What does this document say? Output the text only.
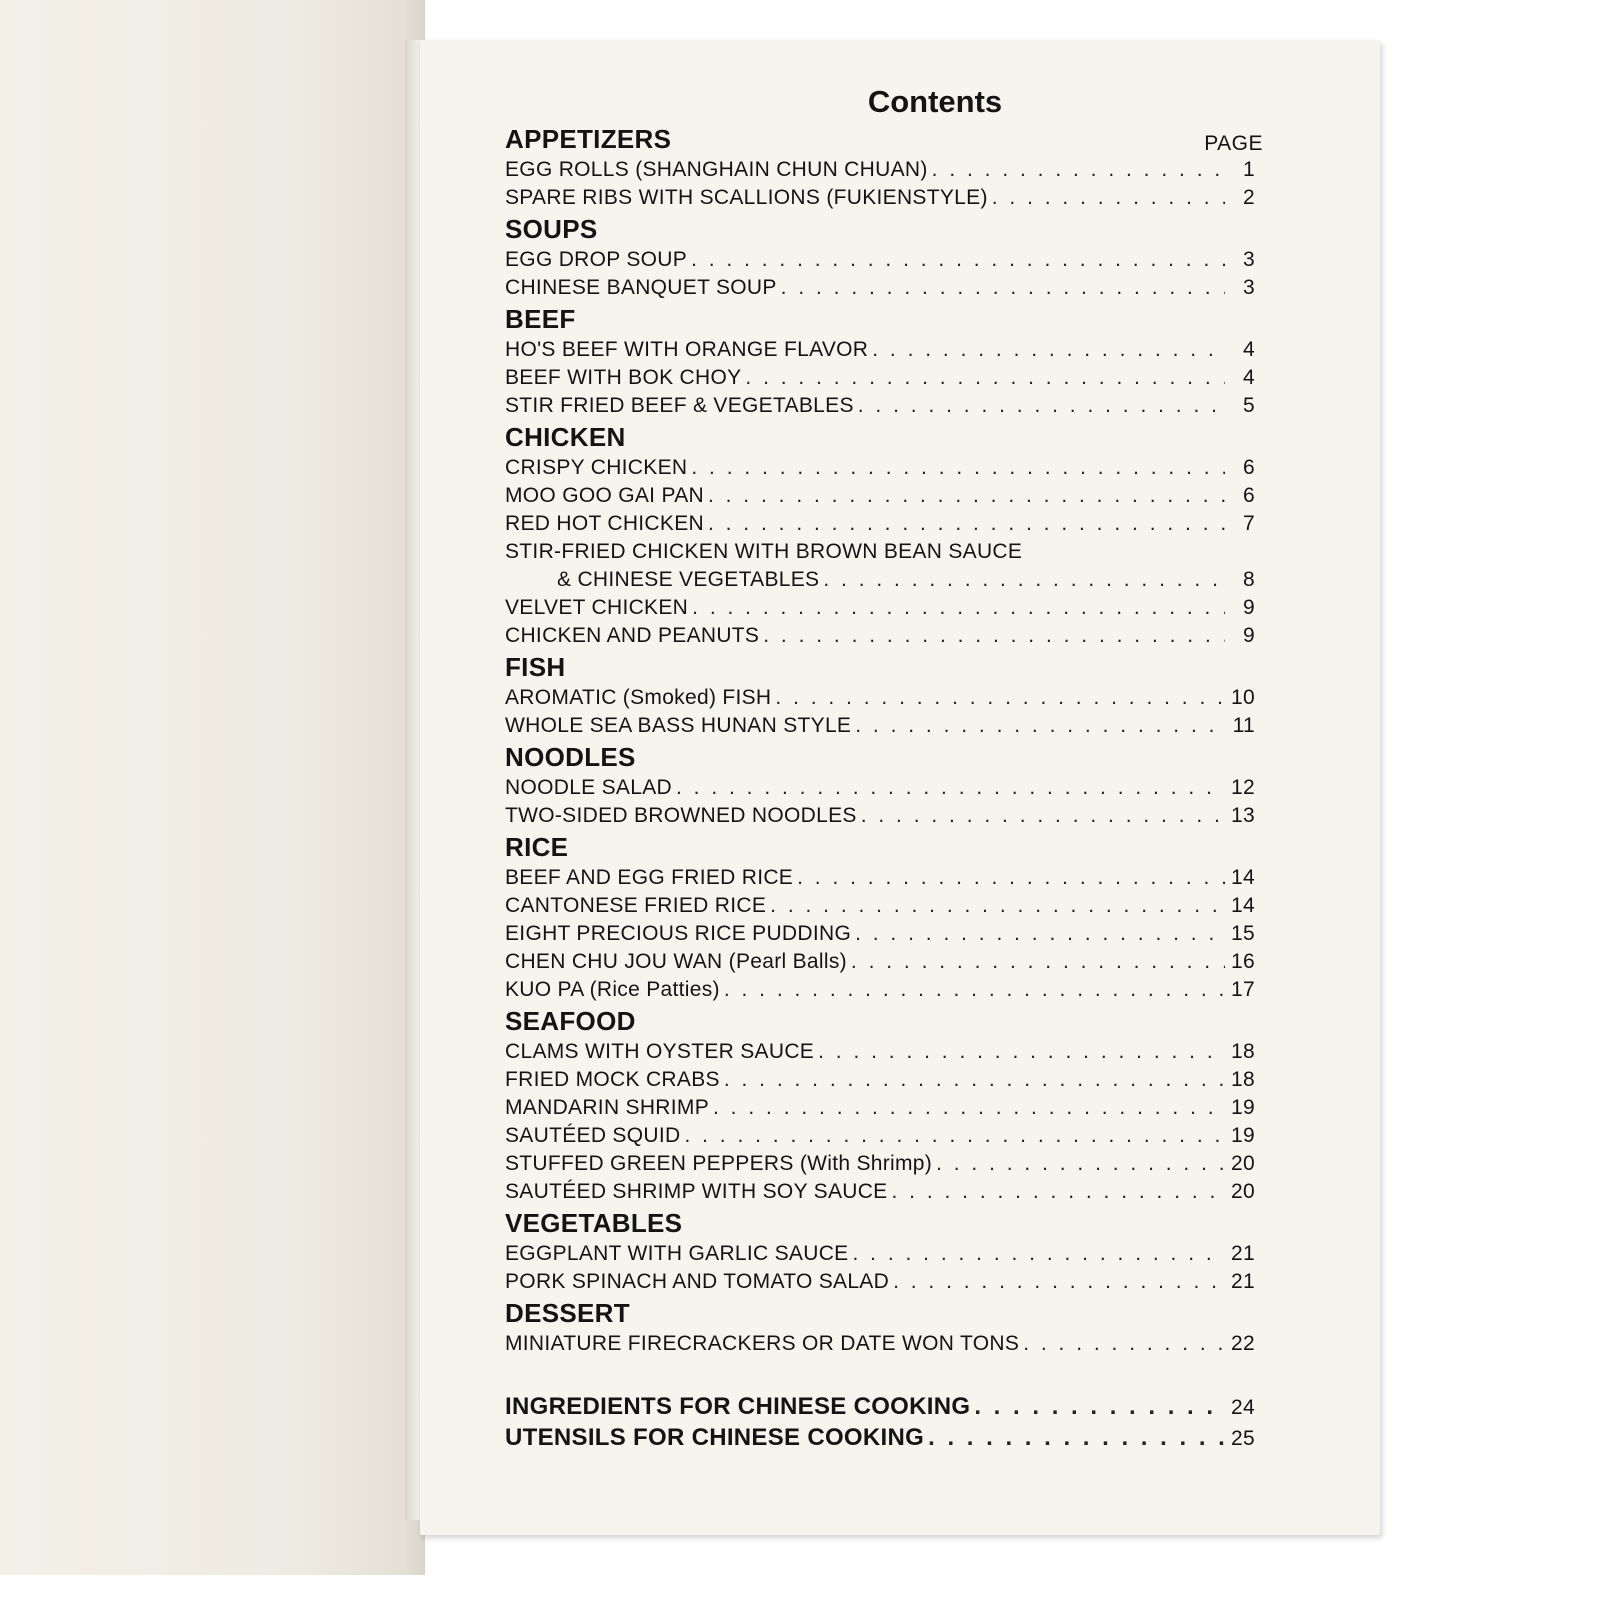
Contents
PAGE
APPETIZERS
EGG ROLLS (SHANGHAIN CHUN CHUAN) . . .	1
SPARE RIBS WITH SCALLIONS (FUKIENSTYLE) . . .	2
SOUPS
EGG DROP SOUP . . .	3
CHINESE BANQUET SOUP . . .	3
BEEF
HO'S BEEF WITH ORANGE FLAVOR . . .	4
BEEF WITH BOK CHOY . . .	4
STIR FRIED BEEF & VEGETABLES . . .	5
CHICKEN
CRISPY CHICKEN . . .	6
MOO GOO GAI PAN . . .	6
RED HOT CHICKEN . . .	7
STIR-FRIED CHICKEN WITH BROWN BEAN SAUCE
& CHINESE VEGETABLES . . .	8
VELVET CHICKEN . . .	9
CHICKEN AND PEANUTS . . .	9
FISH
AROMATIC (Smoked) FISH . . .	10
WHOLE SEA BASS HUNAN STYLE . . .	11
NOODLES
NOODLE SALAD . . .	12
TWO-SIDED BROWNED NOODLES . . .	13
RICE
BEEF AND EGG FRIED RICE . . .	14
CANTONESE FRIED RICE . . .	14
EIGHT PRECIOUS RICE PUDDING . . .	15
CHEN CHU JOU WAN (Pearl Balls) . . .	16
KUO PA (Rice Patties) . . .	17
SEAFOOD
CLAMS WITH OYSTER SAUCE . . .	18
FRIED MOCK CRABS . . .	18
MANDARIN SHRIMP . . .	19
SAUTÉED SQUID . . .	19
STUFFED GREEN PEPPERS (With Shrimp) . . .	20
SAUTÉED SHRIMP WITH SOY SAUCE . . .	20
VEGETABLES
EGGPLANT WITH GARLIC SAUCE . . .	21
PORK SPINACH AND TOMATO SALAD . . .	21
DESSERT
MINIATURE FIRECRACKERS OR DATE WON TONS . . .	22
INGREDIENTS FOR CHINESE COOKING . . .	24
UTENSILS FOR CHINESE COOKING . . .	25
